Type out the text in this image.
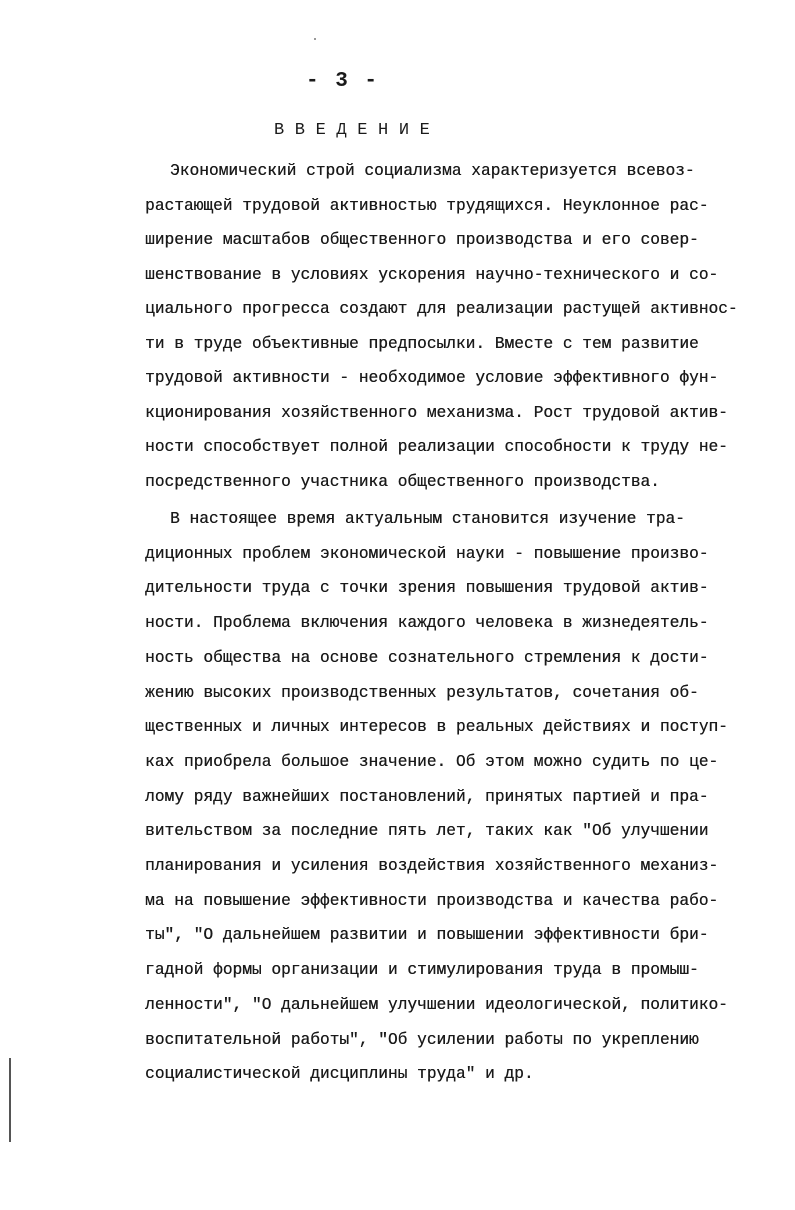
- 3 -
В В Е Д Е Н И Е
Экономический строй социализма характеризуется всевоз-
растающей трудовой активностью трудящихся. Неуклонное рас-
ширение масштабов общественного производства и его совер-
шенствование в условиях ускорения научно-технического и со-
циального прогресса создают для реализации растущей активнос-
ти в труде объективные предпосылки. Вместе с тем развитие
трудовой активности - необходимое условие эффективного фун-
кционирования хозяйственного механизма. Рост трудовой актив-
ности способствует полной реализации способности к труду не-
посредственного участника общественного производства.
В настоящее время актуальным становится изучение тра-
диционных проблем экономической науки - повышение произво-
дительности труда с точки зрения повышения трудовой актив-
ности. Проблема включения каждого человека в жизнедеятель-
ность общества на основе сознательного стремления к дости-
жению высоких производственных результатов, сочетания об-
щественных и личных интересов в реальных действиях и поступ-
ках приобрела большое значение. Об этом можно судить по це-
лому ряду важнейших постановлений, принятых партией и пра-
вительством за последние пять лет, таких как "Об улучшении
планирования и усиления воздействия хозяйственного механиз-
ма на повышение эффективности производства и качества рабо-
ты", "О дальнейшем развитии и повышении эффективности бри-
гадной формы организации и стимулирования труда в промыш-
ленности", "О дальнейшем улучшении идеологической, политико-
воспитательной работы", "Об усилении работы по укреплению
социалистической дисциплины труда" и др.
